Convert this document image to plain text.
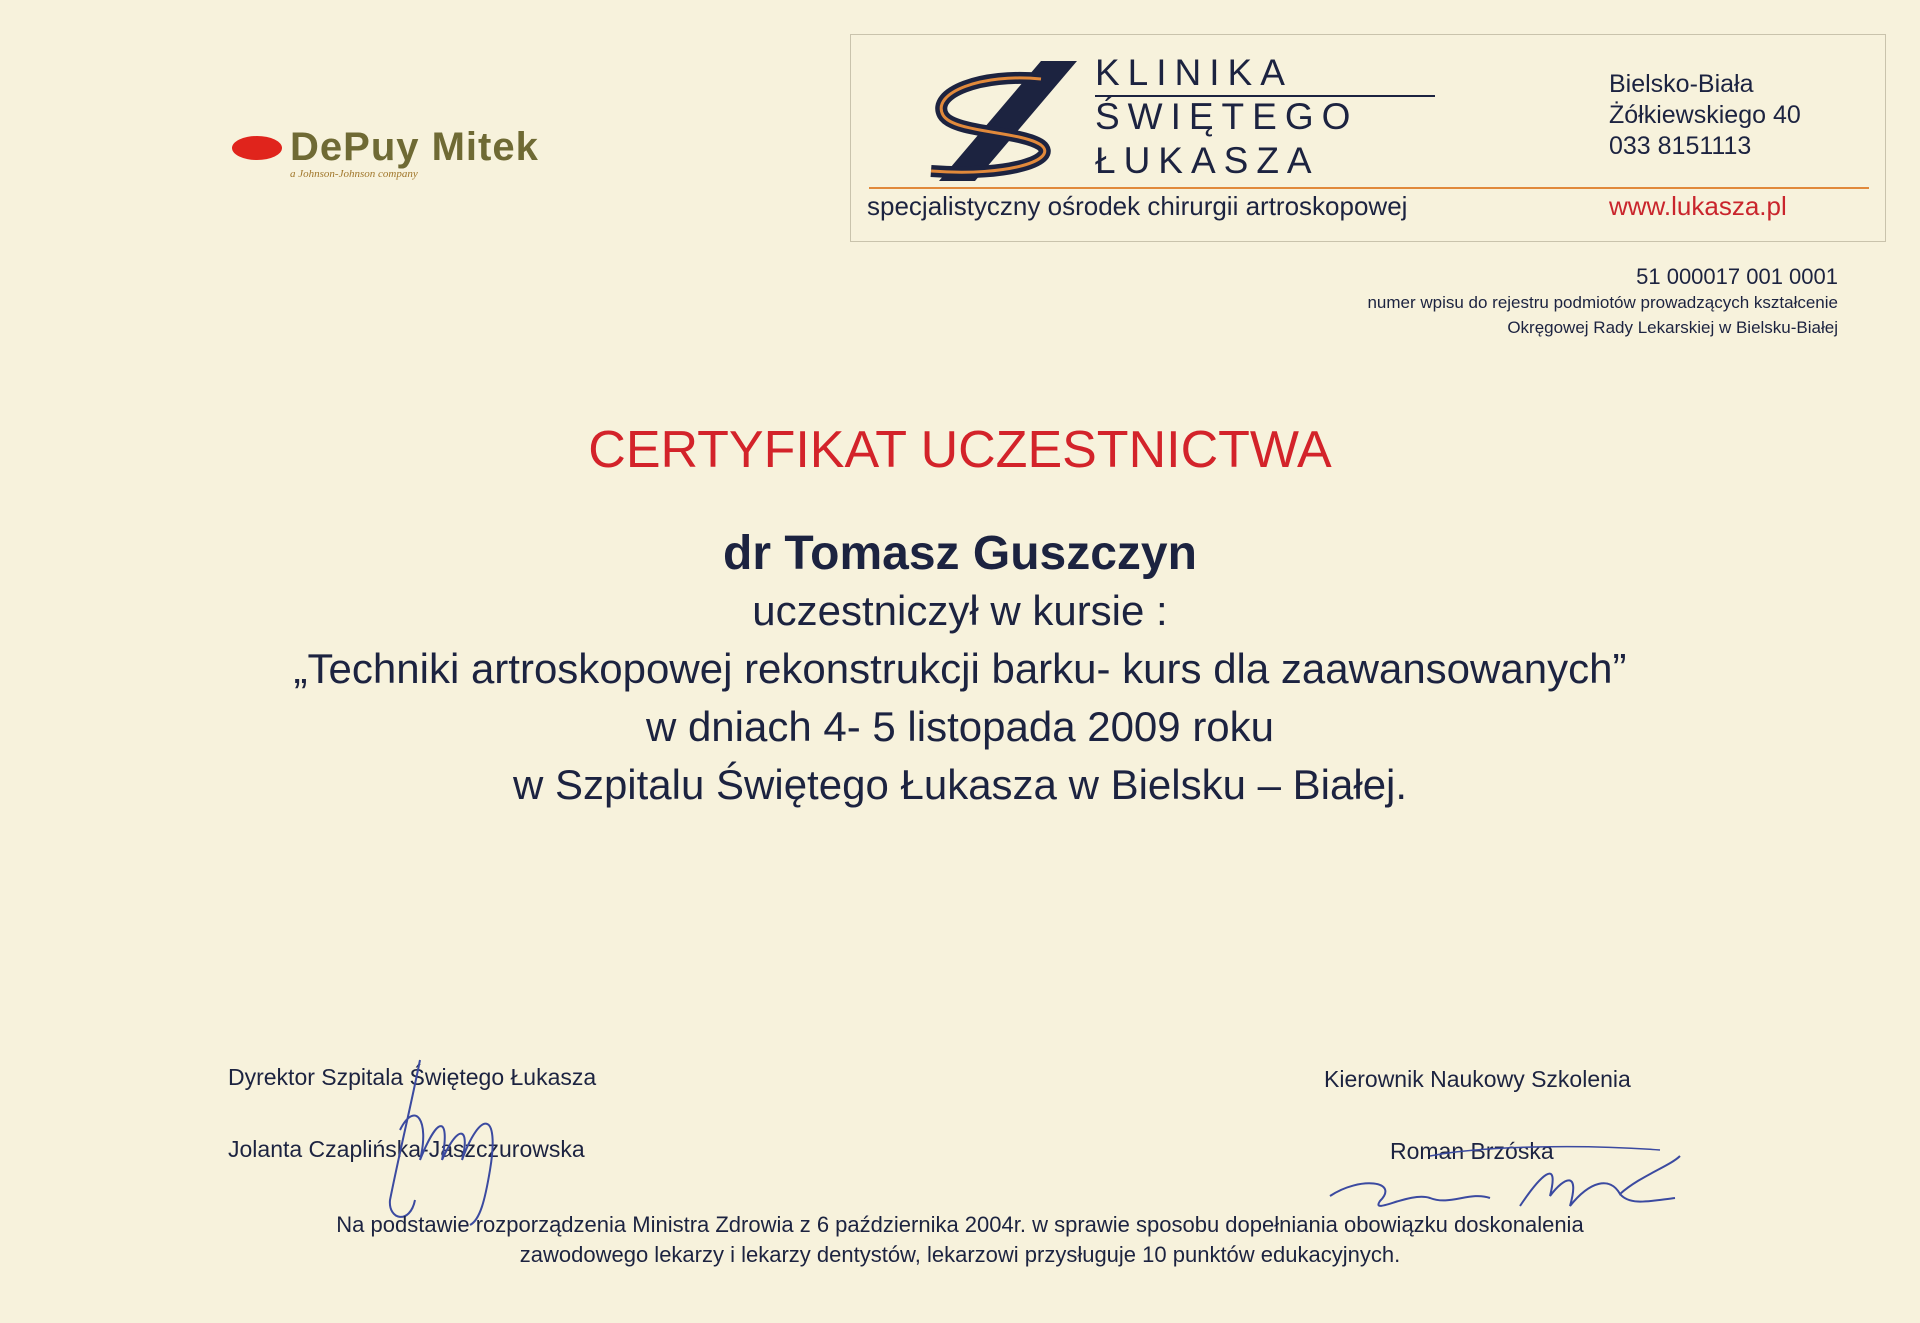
DePuy Mitek
a Johnson-Johnson company
KLINIKA
ŚWIĘTEGO
ŁUKASZA
Bielsko-Biała
Żółkiewskiego 40
033 8151113
specjalistyczny ośrodek chirurgii artroskopowej	www.lukasza.pl
51 000017 001 0001
numer wpisu do rejestru podmiotów prowadzących kształcenie
Okręgowej Rady Lekarskiej w Bielsku-Białej
CERTYFIKAT UCZESTNICTWA
dr Tomasz Guszczyn
uczestniczył w kursie :
„Techniki artroskopowej rekonstrukcji barku- kurs dla zaawansowanych”
w dniach 4- 5 listopada 2009 roku
w Szpitalu Świętego Łukasza w Bielsku – Białej.
Dyrektor Szpitala Świętego Łukasza
Jolanta Czaplińska-Jaszczurowska
Kierownik Naukowy Szkolenia
Roman Brzóska
Na podstawie rozporządzenia Ministra Zdrowia z 6 października 2004r. w sprawie sposobu dopełniania obowiązku doskonalenia
zawodowego lekarzy i lekarzy dentystów, lekarzowi przysługuje 10 punktów edukacyjnych.
